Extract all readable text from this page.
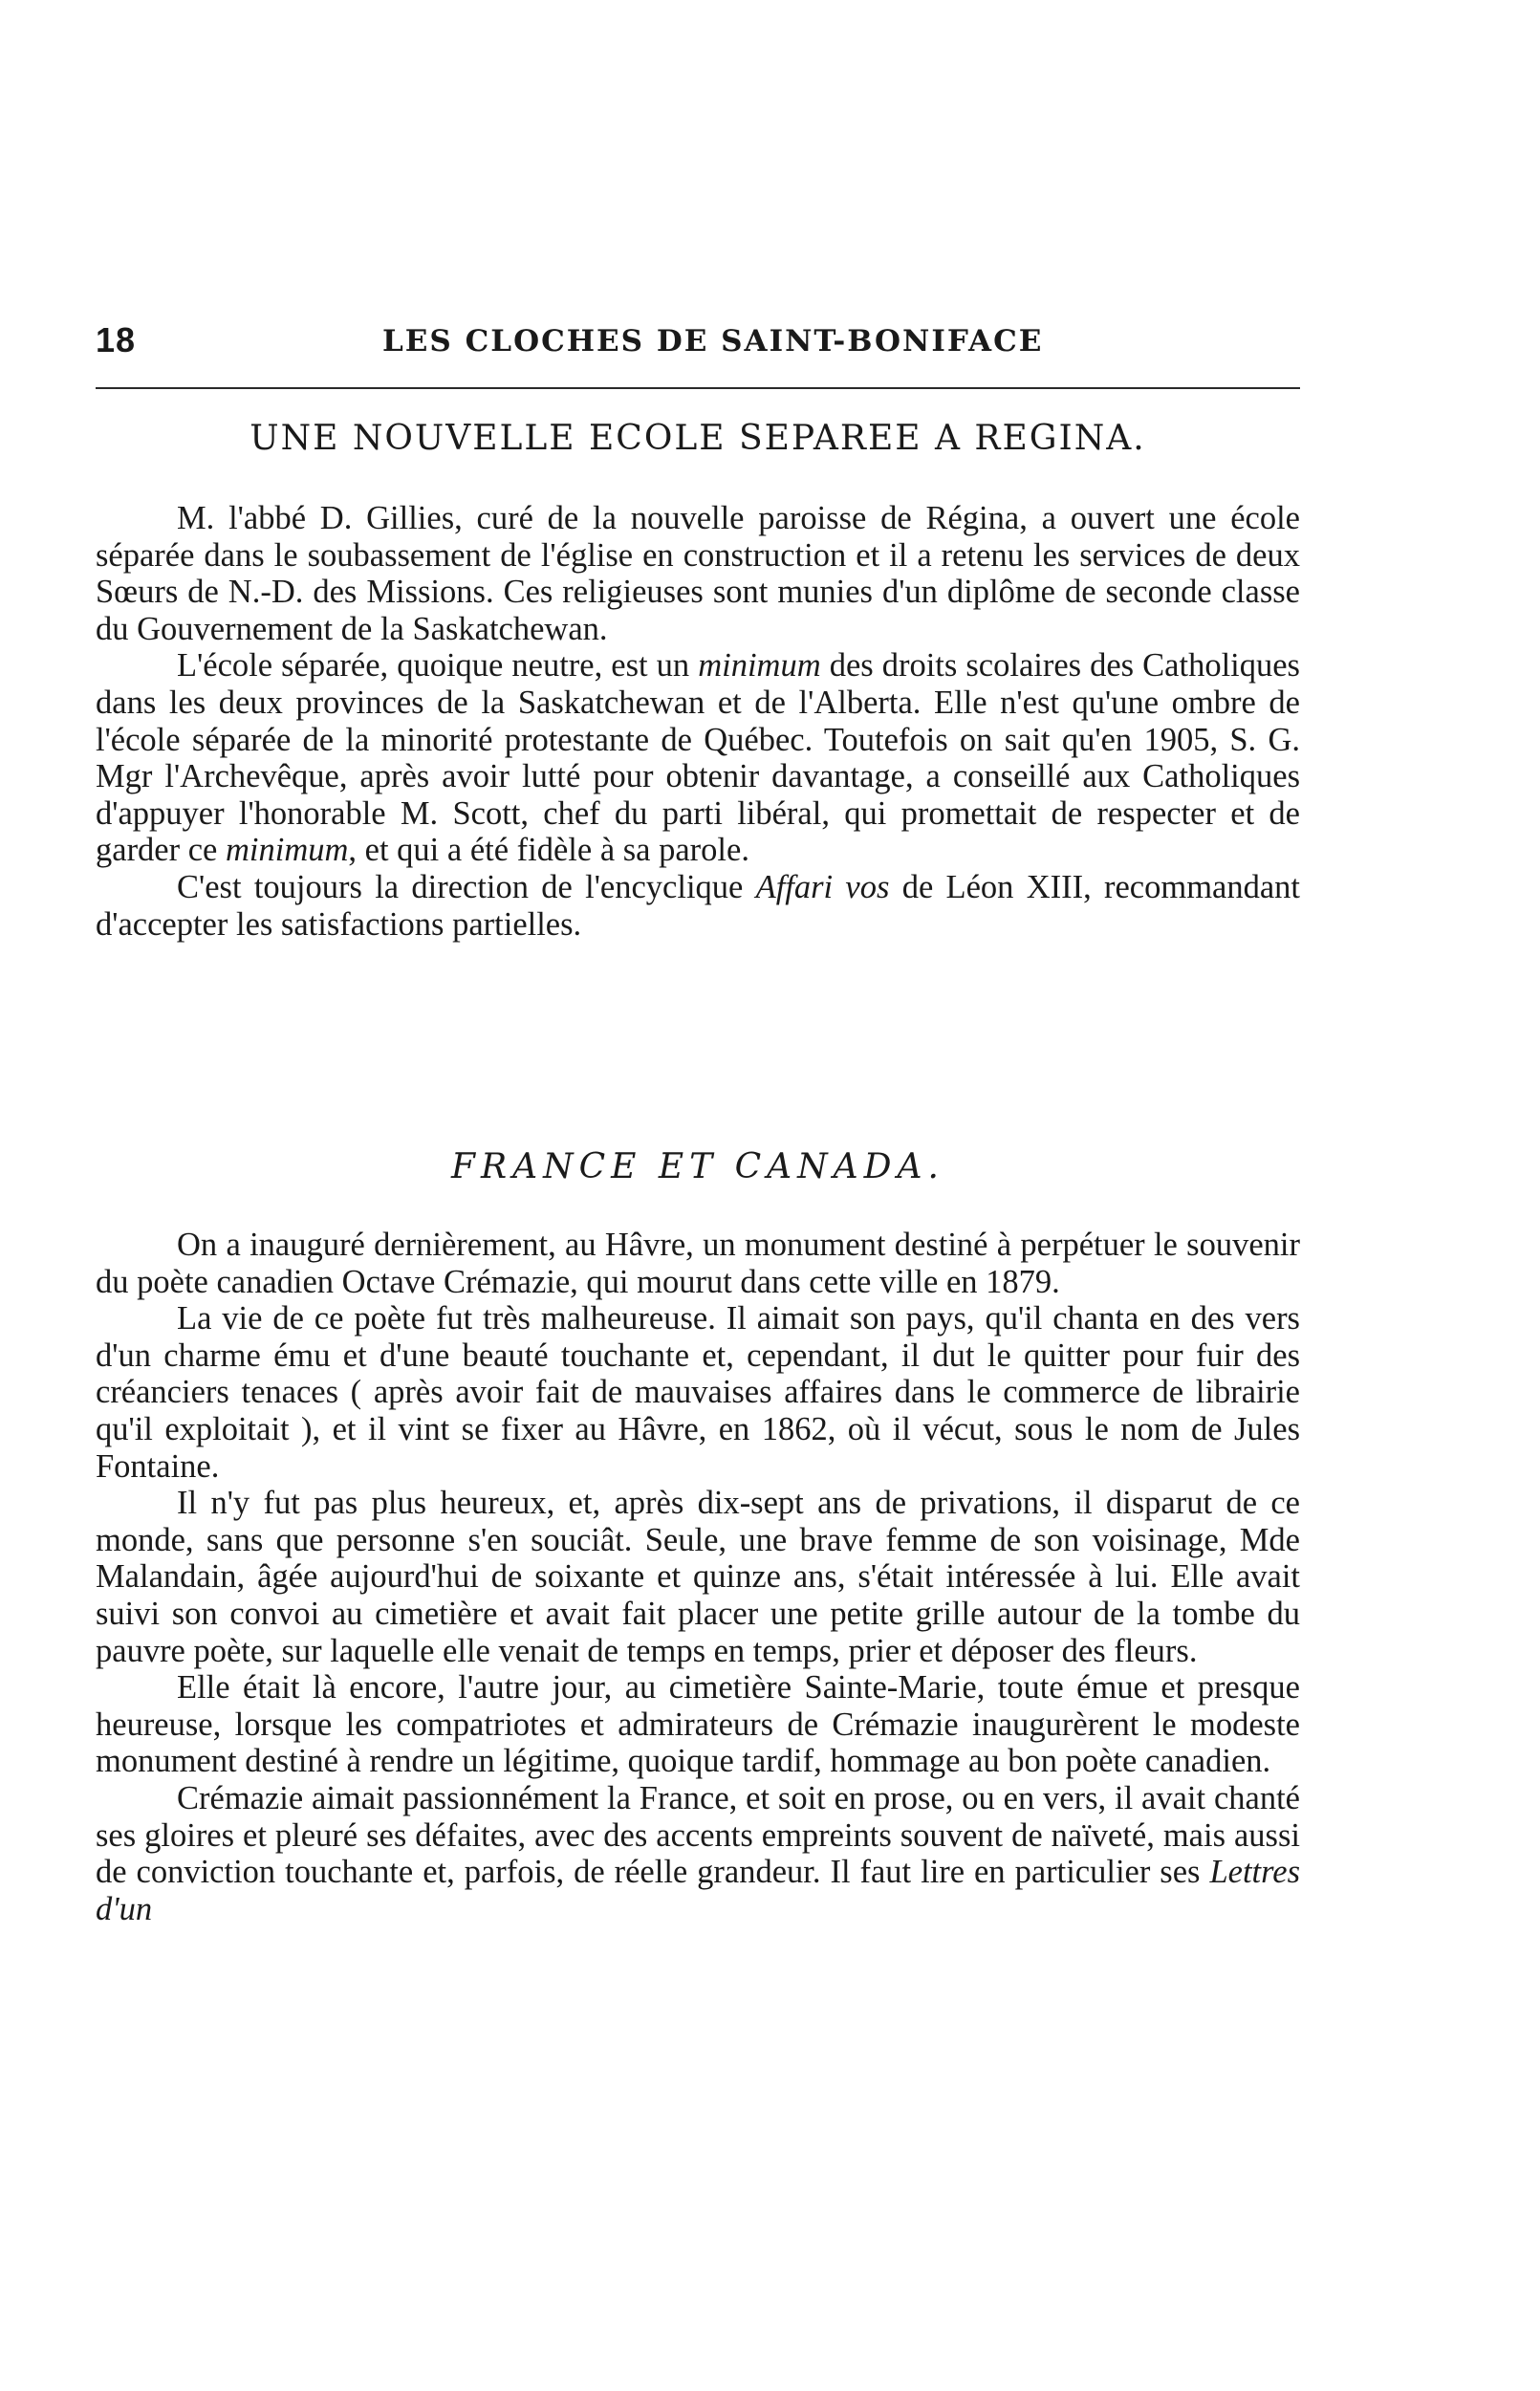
18	LES CLOCHES DE SAINT-BONIFACE
UNE NOUVELLE ECOLE SEPAREE A REGINA.

M. l'abbé D. Gillies, curé de la nouvelle paroisse de Régina, a ouvert une école séparée dans le soubassement de l'église en construction et il a retenu les services de deux Sœurs de N.-D. des Missions. Ces religieuses sont munies d'un diplôme de seconde classe du Gouvernement de la Saskatchewan.

L'école séparée, quoique neutre, est un minimum des droits scolaires des Catholiques dans les deux provinces de la Saskatchewan et de l'Alberta. Elle n'est qu'une ombre de l'école séparée de la minorité protestante de Québec. Toutefois on sait qu'en 1905, S. G. Mgr l'Archevêque, après avoir lutté pour obtenir davantage, a conseillé aux Catholiques d'appuyer l'honorable M. Scott, chef du parti libéral, qui promettait de respecter et de garder ce minimum, et qui a été fidèle à sa parole.

C'est toujours la direction de l'encyclique Affari vos de Léon XIII, recommandant d'accepter les satisfactions partielles.

FRANCE ET CANADA.

On a inauguré dernièrement, au Hâvre, un monument destiné à perpétuer le souvenir du poète canadien Octave Crémazie, qui mourut dans cette ville en 1879.

La vie de ce poète fut très malheureuse. Il aimait son pays, qu'il chanta en des vers d'un charme ému et d'une beauté touchante et, cependant, il dut le quitter pour fuir des créanciers tenaces ( après avoir fait de mauvaises affaires dans le commerce de librairie qu'il exploitait ), et il vint se fixer au Hâvre, en 1862, où il vécut, sous le nom de Jules Fontaine.

Il n'y fut pas plus heureux, et, après dix-sept ans de privations, il disparut de ce monde, sans que personne s'en souciât. Seule, une brave femme de son voisinage, Mde Malandain, âgée aujourd'hui de soixante et quinze ans, s'était intéressée à lui. Elle avait suivi son convoi au cimetière et avait fait placer une petite grille autour de la tombe du pauvre poète, sur laquelle elle venait de temps en temps, prier et déposer des fleurs.

Elle était là encore, l'autre jour, au cimetière Sainte-Marie, toute émue et presque heureuse, lorsque les compatriotes et admirateurs de Crémazie inaugurèrent le modeste monument destiné à rendre un légitime, quoique tardif, hommage au bon poète canadien.

Crémazie aimait passionnément la France, et soit en prose, ou en vers, il avait chanté ses gloires et pleuré ses défaites, avec des accents empreints souvent de naïveté, mais aussi de conviction touchante et, parfois, de réelle grandeur. Il faut lire en particulier ses Lettres d'un
